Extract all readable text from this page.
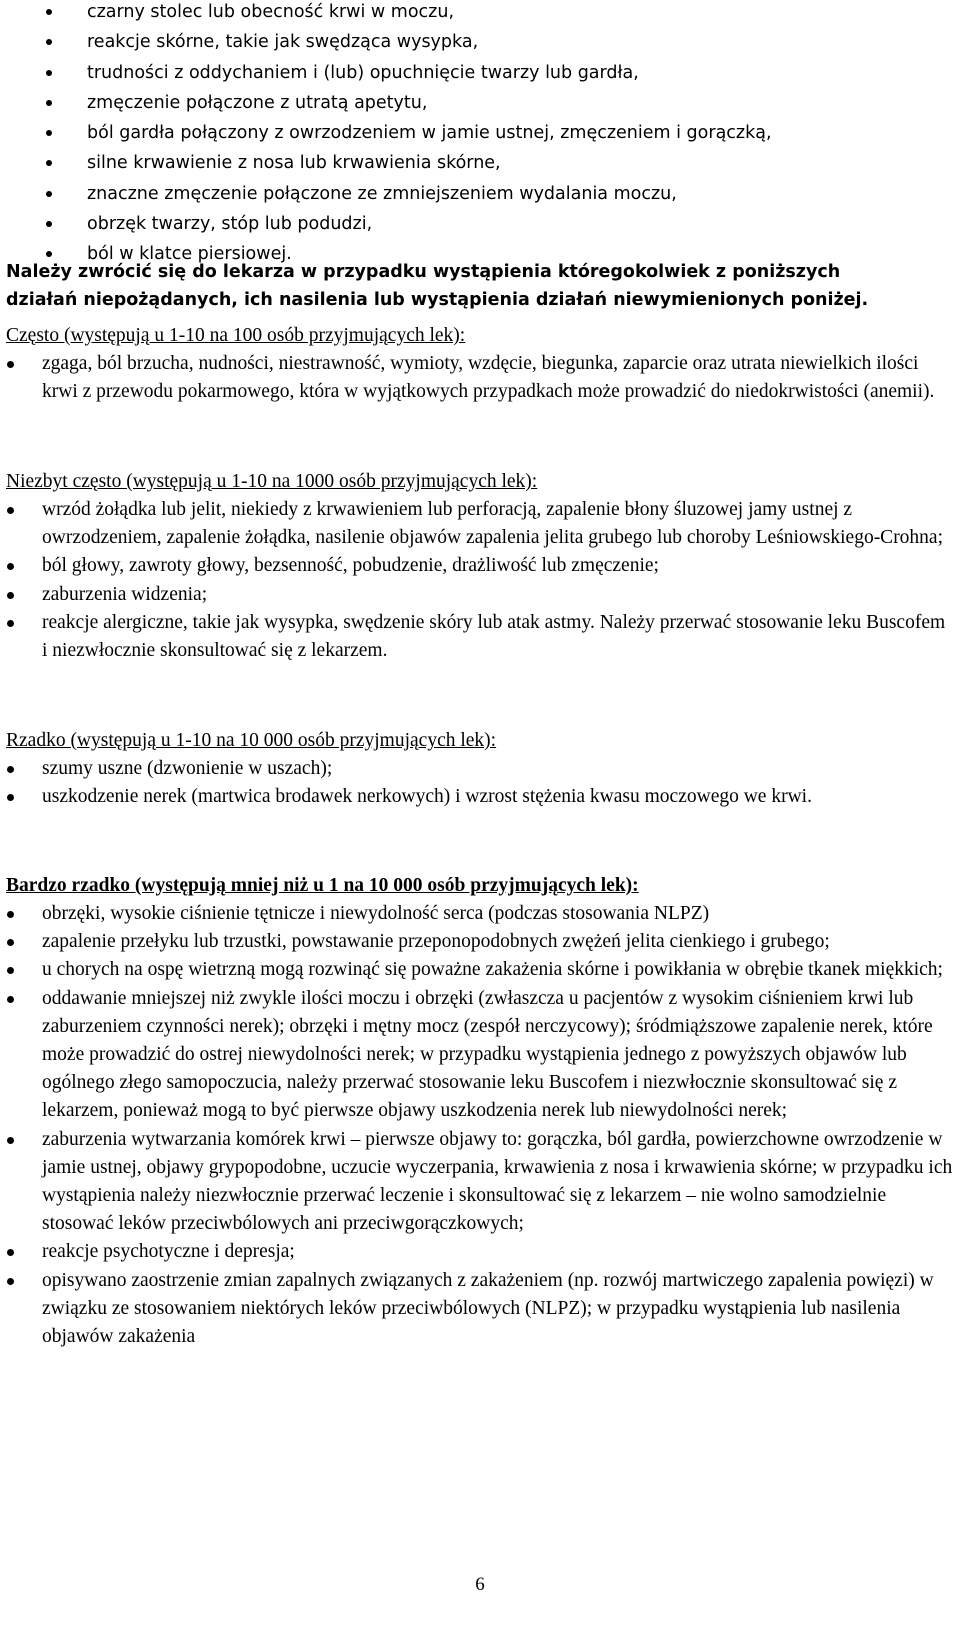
czarny stolec lub obecność krwi w moczu,
reakcje skórne, takie jak swędząca wysypka,
trudności z oddychaniem i (lub) opuchnięcie twarzy lub gardła,
zmęczenie połączone z utratą apetytu,
ból gardła połączony z owrzodzeniem w jamie ustnej, zmęczeniem i gorączką,
silne krwawienie z nosa lub krwawienia skórne,
znaczne zmęczenie połączone ze zmniejszeniem wydalania moczu,
obrzęk twarzy, stóp lub podudzi,
ból w klatce piersiowej.
Należy zwrócić się do lekarza w przypadku wystąpienia któregokolwiek z poniższych
działań niepożądanych, ich nasilenia lub wystąpienia działań niewymienionych poniżej.
Często (występują u 1-10 na 100 osób przyjmujących lek):
zgaga, ból brzucha, nudności, niestrawność, wymioty, wzdęcie, biegunka, zaparcie oraz utrata niewielkich ilości krwi z przewodu pokarmowego, która w wyjątkowych przypadkach może prowadzić do niedokrwistości (anemii).
Niezbyt często (występują u 1-10 na 1000 osób przyjmujących lek):
wrzód żołądka lub jelit, niekiedy z krwawieniem lub perforacją, zapalenie błony śluzowej jamy ustnej z owrzodzeniem, zapalenie żołądka, nasilenie objawów zapalenia jelita grubego lub choroby Leśniowskiego-Crohna;
ból głowy, zawroty głowy, bezsenność, pobudzenie, drażliwość lub zmęczenie;
zaburzenia widzenia;
reakcje alergiczne, takie jak wysypka, swędzenie skóry lub atak astmy. Należy przerwać stosowanie leku Buscofem i niezwłocznie skonsultować się z lekarzem.
Rzadko (występują u 1-10 na 10 000 osób przyjmujących lek):
szumy uszne (dzwonienie w uszach);
uszkodzenie nerek (martwica brodawek nerkowych) i wzrost stężenia kwasu moczowego we krwi.
Bardzo rzadko (występują mniej niż u 1 na 10 000 osób przyjmujących lek):
obrzęki, wysokie ciśnienie tętnicze i niewydolność serca (podczas stosowania NLPZ)
zapalenie przełyku lub trzustki, powstawanie przeponopodobnych zwężeń jelita cienkiego i grubego;
u chorych na ospę wietrzną mogą rozwinąć się poważne zakażenia skórne i powikłania w obrębie tkanek miękkich;
oddawanie mniejszej niż zwykle ilości moczu i obrzęki (zwłaszcza u pacjentów z wysokim ciśnieniem krwi lub zaburzeniem czynności nerek); obrzęki i mętny mocz (zespół nerczycowy); śródmiąższowe zapalenie nerek, które może prowadzić do ostrej niewydolności nerek; w przypadku wystąpienia jednego z powyższych objawów lub ogólnego złego samopoczucia, należy przerwać stosowanie leku Buscofem i niezwłocznie skonsultować się z lekarzem, ponieważ mogą to być pierwsze objawy uszkodzenia nerek lub niewydolności nerek;
zaburzenia wytwarzania komórek krwi – pierwsze objawy to: gorączka, ból gardła, powierzchowne owrzodzenie w jamie ustnej, objawy grypopodobne, uczucie wyczerpania, krwawienia z nosa i krwawienia skórne; w przypadku ich wystąpienia należy niezwłocznie przerwać leczenie i skonsultować się z lekarzem – nie wolno samodzielnie stosować leków przeciwbólowych ani przeciwgorączkowych;
reakcje psychotyczne i depresja;
opisywano zaostrzenie zmian zapalnych związanych z zakażeniem (np. rozwój martwiczego zapalenia powięzi) w związku ze stosowaniem niektórych leków przeciwbólowych (NLPZ); w przypadku wystąpienia lub nasilenia objawów zakażenia
6
